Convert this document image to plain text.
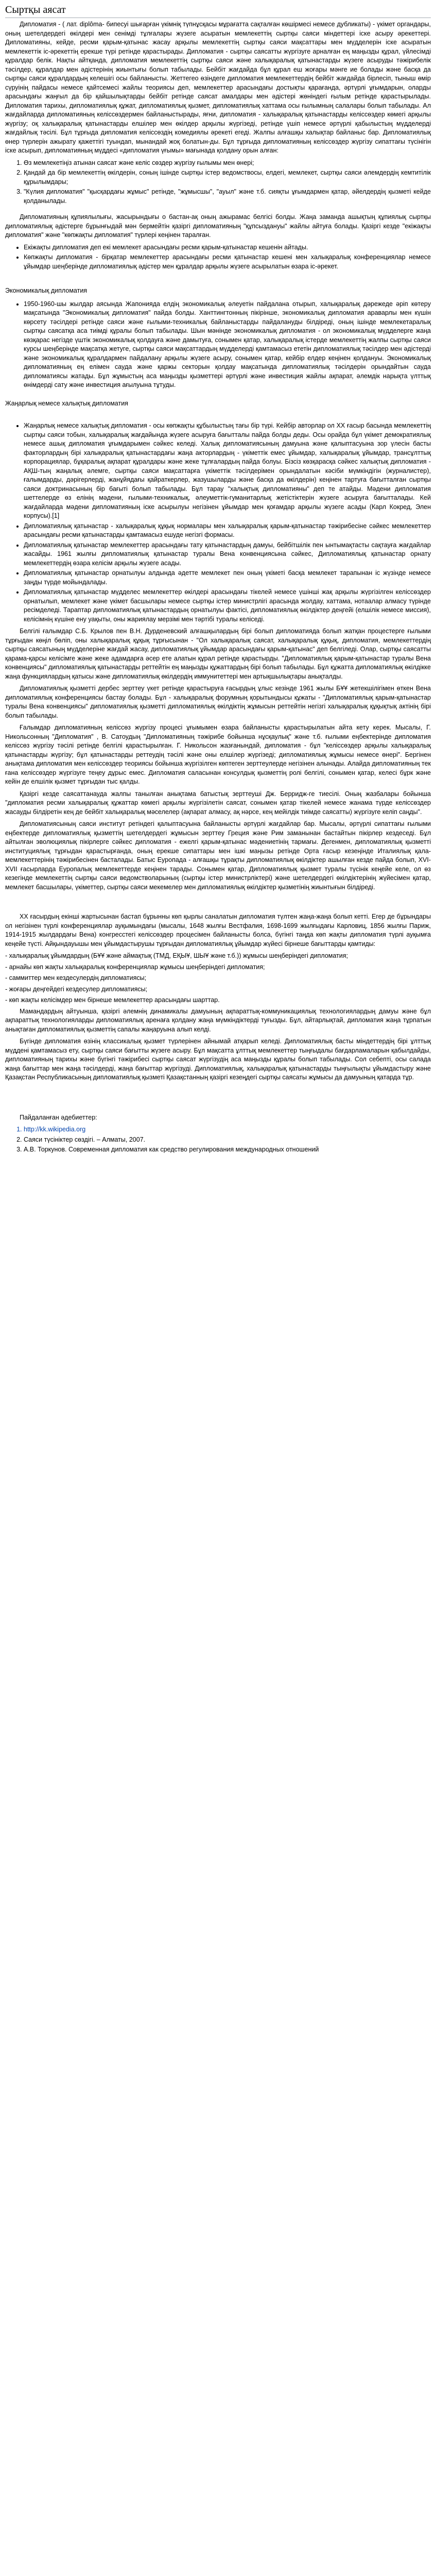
Сыртқы аясат

Дипломатия - ( лат. diplôma- бипесуі шығарған үкімніқ түпнұсқасы мұрағатта сақталған көшірмесі немесе дубликаты) - үкімет органдары, оның шетелдердегі өкілдері мен сенімді тұлғалары жүзеге асыратын мемлекеттің сыртқы саяси міндеттері іске асыру әрекеттері. Дипломатияны, кейде, ресми қарым-қатынас жасау арқылы мемлекеттің сыртқы саяси мақсаттары мен мүдделерін іске асыратын мемлекеттік іс-әрекеттің ерекше түрі ретінде қарастырады. Дипломатия - сыртқы саясатты жүргізуге арналған ең маңызды құрал, үйлесімді құралдар белік. Нақты айтқанда, дипломатия мемлекеттің сыртқы саяси және халықаралық қатынастарды жүзеге асыруды тәжірибелік тәсілдер, құралдар мен әдістерінің жиынтығы болып табылады. Бейбіт жағдайда бұл құрал еш жоғары мәнге ие болады және басқа да сыртқы саяси құралдардың келешігі осы байланысты. Жеттегео өзіндеге дипломатия мемлекеттердің бейбіт жағдайда бірлесіп, тыныш өмір сүруінің пайдасы немесе қайтсемесі жайлы теориясы деп, мемлекеттер арасындағы достықты қарағанда, әртүрлі ұғымдарын, оларды арасындағы жаңғыл да бір қайшылықтарды бейбіт ретінде саясат амалдары мен әдістері жөніндегі ғылым ретінде қарастырылады. Дипломатия тарихы, дипломатиялық құжат, дипломатиялық қызмет, дипломатиялық хаттама осы ғылымның салалары болып табылады. Ал жағдайларда дипломатияның келіссөздермен байланыстырады, яғни, дипломатия - халықаралық қатынастарды келіссөздер көмегі арқылы жүргізу; оқ халықаралық қатынастарды елшілер мен өкілдер арқылы жүргізеді, ретінде үшіп немесе әртүрлі қабылыстың мүдделерді жағдайлық тәсілі. Бұл тұрғыда дипломатия келіссөздің комедиялы әрекеті егеді. Жалпы алғашқы халықтар байланыс бар. Дипломатиялық өнер түрлерін ажырату қажеттігі туындап, мынандай жоқ болатын-ды. Бұл тұрғыда дипломатияның келіссөздер жүргізу сипаттағы түсінігін іске асырып, дипломатияның мүддесі «дипломатия үғымы» мағынада қолдану орын алған:

1. Өз мемлекетіңіз атынан саясат және келіс сөздер жүргізу ғылымы мен өнері;
2. Қандай да бір мемлекеттің өкілдерін, соның ішінде сыртқы істер ведомствосы, елдегі, мемлекет, сыртқы саяси әлемдердің кемтитілік құрылымдары;
3. "Күлия дипломатия" "қысқардағы жұмыс" ретінде, "жұмысшы", "ауыл" және т.б. сияқты ұғымдармен қатар, әйелдердің қызметі кейде қолданылады.

Дипломатияның құпиялылығы, жасырындығы о бастан-ақ оның ажырамас белгісі болды. Жаңа заманда ашықтың құпиялық сыртқы дипломатиялық әдістерге бұрынғыдай мән бермейтін қазіргі дипломатияның "құпсыздануы" жайлы айтуға болады. Қазіргі кезде "екіжақты дипломатия" және "көпжақты дипломатия" түрлері кеңінен таралған.

• Екіжақты дипломатия деп екі мемлекет арасындағы ресми қарым-қатынастар кешенін айтады.
• Көпжақты дипломатия - бірқатар мемлекеттер арасындағы ресми қатынастар кешені мен халықаралық конференциялар немесе ұйымдар шеңберінде дипломатиялық әдістер мен құралдар арқылы жүзеге асырылатын өзара іс-әрекет.
Экономикалық дипломатия
• 1950-1960-шы жылдар аясында Жапонияда елдің экономикалық әлеуетін пайдалана отырып, халықаралық дәрежеде әріп көтеру мақсатында "Экономикалық дипломатия" пайда болды. Ханттингтонның пікірінше, экономикалық дипломатия араварлы мен күшін көрсету тәсілдері ретінде саяси және ғылыми-техникалық байланыстарды пайдалануды білдіреді, оның ішінде мемлекетаралық сыртқы саясатқа аса тиімді құралы болып табылады. Шын мәнінде экономикалық дипломатия - ол экономикалық мүдделерге жаңа көзқарас негізде үштік экономикалық қолдауға және дамытуға, сонымен қатар, халықаралық істерде мемлекеттің жалпы сыртқы саяси курсы шеңберінде мақсатқа жетуге, сыртқы саяси мақсаттардың мүдделерді қамтамасыз ететін дипломатиялық тәсілдер мен әдістерді және экономикалық құралдармен пайдалану арқылы жүзеге асыру, сонымен қатар, кейбір елдер кеңінен қолдануы. Экономикалық дипломатияның ең елімен сауда және қаржы секторын қолдау мақсатында дипломатиялық тәсілдерін орындайтын сауда дипломатиясы жатады. Бұл жұмыстың аса маңызды қызметтері әртүрлі және инвестиция жайлы ақпарат, әлемдік нарықта үлттық өнімдерді сату және инвестиция ағылуына тұтуды.

Жаңарлық немесе халықтық дипломатия

• Жаңарлық немесе халықтық дипломатия - осы көпжақты құбылыстың тағы бір түрі. Кейбір авторлар ол ХХ ғасыр басында мемлекеттің сыртқы саяси тобын, халықаралық жағдайында жүзеге асыруға бағытталы пайда болды деды. Осы орайда бұл үкімет демократиялық немесе ашық дипломатия ұғымдарымен сәйкес келеді. Халық дипломатиясының дамуына және қалыптасуына зор үлесін басты факторлардың бірі халықаралық қатынастардағы жаңа акторлардың - үкіметтік емес ұйымдар, халықаралық ұйымдар, трансұлттық корпорациялар, бұқаралық ақпарат құралдары және жеке тұлғалардың пайда болуы. Бізсіз көзқарасқа сәйкес халықтық дипломатия - АҚШ-тың жаңалық әлемге, сыртқы саяси мақсаттарға үкіметтік тәсілдерімен орындалатын кәсіби мүмкіндігін (журналистер), ғалымдарды, дәрігерлерді, жанұйядағы қайраткерлер, жазушыларды және басқа да өкілдерін) кеңінен тартуға бағытталған сыртқы саяси доктринасының бір бағыті болып табылады. Бұл тарау "халықтық дипломатияны" деп те атайды. Мәдени дипломатия шеттелерде өз елінің мәдени, ғылыми-техникалық, әлеуметтік-гуманитарлық жетістіктерін жүзеге асыруға бағытталады. Кей жағдайларда мәдени дипломатияның іске асырылуы негізінен ұйымдар мен қоғамдар арқылы жүзеге асады (Карл Кокред, Элен корпусы).[1]
• Дипломатиялық қатынастар - халықаралық құқық нормалары мен халықаралық қарым-қатынастар тәжірибесіне сәйкес мемлекеттер арасындағы ресми қатынастарды қамтамасыз ешуде негізгі формасы.
• Дипломатиялық қатынастар мемлекеттер арасындағы тату қатынастардың дамуы, бейбітшілік пен ынтымақтасты сақтауға жағдайлар жасайды. 1961 жылғы дипломатиялық қатынастар туралы Вена конвенциясына сәйкес, Дипломатиялық қатынастар орнату мемлекеттердің өзара келісім арқылы жүзеге асады.
• Дипломатиялық қатынастар орнатылуы алдында әдетте мемлекет пен оның үкіметі басқа мемлекет тарапынан іс жүзінде немесе заңды түрде мойындалады.
• Дипломатиялық қатынастар мүдделес мемлекеттер өкілдері арасындағы тікелей немесе үшінші жақ арқылы жүргізілген келіссөздер орнатылып, мемлекет және үкімет басшылары немесе сыртқы істер министрлігі арасында жолдау, хаттама, нотаалар алмасу түрінде ресімделеді. Тараптар дипломатиялық қатынастардың орнатылуы фактісі, дипломатиялық өкілдіктер деңгейі (елшілік немесе миссия), келісімнің күшіне ену уақыты, оны жариялау мерзімі мен тәртібі туралы келіседі.

Белгілі ғалымдар С.Б. Крылов пен В.Н. Дурденевский алғашқылардың бірі болып дипломатияда болып жатқан процестерге ғылыми тұрғыдан көңіл бөліп, оны халықаралық құқық тұрғысынан - "Ол халықаралық саясат, халықаралық құқық, дипломатия, мемлекеттердің сыртқы саясатының мүдделеріне жағдай жасау, дипломатиялық ұйымдар арасындағы қарым-қатынас" деп белгіледі. Олар, сыртқы саясатты қарама-қарсы келісімге және жеке адамдарға әсер ете алатын құрал ретінде қарастырды. "Дипломатиялық қарым-қатынастар туралы Вена конвенциясы" дипломатиялық қатынастарды реттейтін ең маңызды құжаттардың бірі болып табылады. Бұл құжатта дипломатиялық өкілдікке жаңа функциялардың қатысы және дипломатиялық өкілдердің иммунитеттері мен артықшылықтары анықталды.

Дипломатиялық қызметті дербес зерттеу үкет ретінде қарастыруға ғасырдың ұлыс кезінде 1961 жылы БҰҰ жетекшілігімен өткен Вена дипломатиялық конференциясы бастау болады. Бұл - халықаралық форумның қорытындысы құжаты - "Дипломатиялық қарым-қатынастар туралы Вена конвенциясы" дипломатиялық қызметті дипломатиялық өкілдіктің жұмысын реттейтін негізгі халықаралық құқықтық актінің бірі болып табылады.

Ғалымдар дипломатияның келіссөз жүргізу процесі ұғымымен өзара байланысты қарастырылатын айта кету керек. Мысалы, Г. Никольсонның "Дипломатия" , В. Сатоудың "Дипломатияның тәжірибе бойынша нұсқаулық" және т.б. ғылыми еңбектерінде дипломатия келіссөз жүргізу тәсілі ретінде белгілі қарастырылған. Г. Никольсон жазғанындай, дипломатия - бұл "келіссөздер арқылы халықаралық қатынастарды жүргізу; бұл қатынастарды реттеудің тәсілі және оны елшілер жүргізеді; дипломатиялық жұмысы немесе өнері". Бергінен анықтама дипломатия мен келіссөздер теориясы бойынша жүргізілген көптеген зерттеулерде негізінен алынады. Алайда дипломатияның тек ғана келіссөздер жүргізуге теңеу дұрыс емес. Дипломатия саласынан консулдық қызметтің ролі белгілі, сонымен қатар, келесі бұрк және кейін де елшілік қызмет тұрғыдан тыс қалды.

Қазіргі кезде саясаттанауда жалпы танылған анықтама батыстық зерттеуші Дж. Берридж-ге тиесілі. Оның жазбалары бойынша "дипломатия ресми халықаралық құжаттар көмегі арқылы жүргізілетін саясат, сонымен қатар тікелей немесе жанама түрде келіссөздер жасауды білдіретін кең де бейбіт халықаралық мәселелер (ақпарат алмасу, ақ нәрсе, кең мейілдік тиімде саясатты) жүргізуге келіп саңды".

Дипломатиясының саяси институт ретіндегі қалыптасуына байланысты әртүрлі жағдайлар бар. Мысалы, әртүрлі сипаттағы ғылыми еңбектерде дипломатиялық қызметтің шетелдердегі жұмысын зерттеу Греция және Рим заманынан бастайтын пікірлер кездеседі. Бұл айтылған эволюциялық пікірлерге сәйкес дипломатия - ежелгі қарым-қатынас мәдениетінің тармағы. Дегенмен, дипломатиялық қызметті институциялық тұрғыдан қарастырғанда, оның ерекше сипаттары мен ішкі маңызы ретінде Орта ғасыр кезеңінде Италиялық қала-мемлекеттерінің тәжірибесінен басталады. Батыс Еуропада - алғашқы тұрақты дипломатиялық өкілдіктер ашылған кезде пайда болып, XVI-XVII ғасырларда Еуропалық мемлекеттерде кеңінен тарады. Сонымен қатар, Дипломатиялық қызмет туралы түсінік кеңейе келе, ол өз кезегінде мемлекеттің сыртқы саяси ведомстволарының (сыртқы істер министрліктері) және шетелдердегі өкілдіктерінің жүйесімен қатар, мемлекет басшылары, үкіметтер, сыртқы саяси мекемелер мен дипломатиялық өкілдіктер қызметінің жиынтығын білдіреді.

ХХ ғасырдың екінші жартысынан бастап бұрынны көп қырлы саналатын дипломатия түлтен жаңа-жаңа болып кетті. Егер де бұрындары ол негізінен түрлі конференциялар ауқымындағы (мысалы, 1648 жылғы Вестфалия, 1698-1699 жылғыдағы Карловиц, 1856 жылғы Париж, 1914-1915 жылдардағы Вена) конгресстегі келіссөздер процесімен байланысты болса, бүгінгі таңда көп жақты дипломатия түрлі ауқымға кеңейе түсті. Айқындауышы мен ұйымдастырушы тұрғыдан дипломатиялық ұйымдар жүйесі бірнеше бағыттарды қамтиды:

- халықаралық ұйымдардың (БҰҰ және аймақтық (ТМД, ЕҚЫҰ, ШЫҰ және т.б.)) жұмысы шеңберіндегі дипломатия;

- арнайы көп жақты халықаралық конференциялар жұмысы шеңберіндегі дипломатия;

- саммиттер мен кездесулердің дипломатиясы;

- жоғары деңгейдегі кездесулер дипломатиясы;

- көп жақты келісімдер мен бірнеше мемлекеттер арасындағы шарттар.

Мамандардың айтуынша, қазіргі әлемнің динамикалы дамуының ақпараттық-коммуникациялық технологиялардың дамуы және бұл ақпараттық технологияларды дипломатиялық аренаға қолдану жаңа мүмкіндіктерді туғызды. Бұл, айтарлықтай, дипломатия жаңа тұрпатын анықтаған дипломатиялық қызметтің сапалы жаңаруына алып келді.

Бүгінде дипломатия өзінің классикалық қызмет түрлерінен айнымай атқарып келеді. Дипломатиялық басты міндеттердің бірі ұлттық мүддені қамтамасыз ету, сыртқы саяси бағытты жүзеге асыру. Бұл мақсатта ұлттық мемлекеттер тыңғыдалы бағдарламаларын қабылдайды, дипломатияның тарихы және бүгінгі тәжірибесі сыртқы саясат жүргізудің аса маңызды құралы болып табылады. Сол себепті, осы салада жаңа бағыттар мен жаңа тәсілдерді, жаңа бағыттар жүргізуді. Дипломатиялық, халықаралық қатынастарды тыңғылықты ұйымдастыру және Қазақстан Республикасының дипломатиялық қызметі Қазақстанның қазіргі кезеңдегі сыртқы саясаты жұмысы да дамуының қатарда тұр.

Пайдаланған әдебиеттер:

1. http://kk.wikipedia.org
2. Саяси түсініктер сөздігі. – Алматы, 2007.
3. А.В. Торкунов. Современная дипломатия как средство регулирования международных отношений
